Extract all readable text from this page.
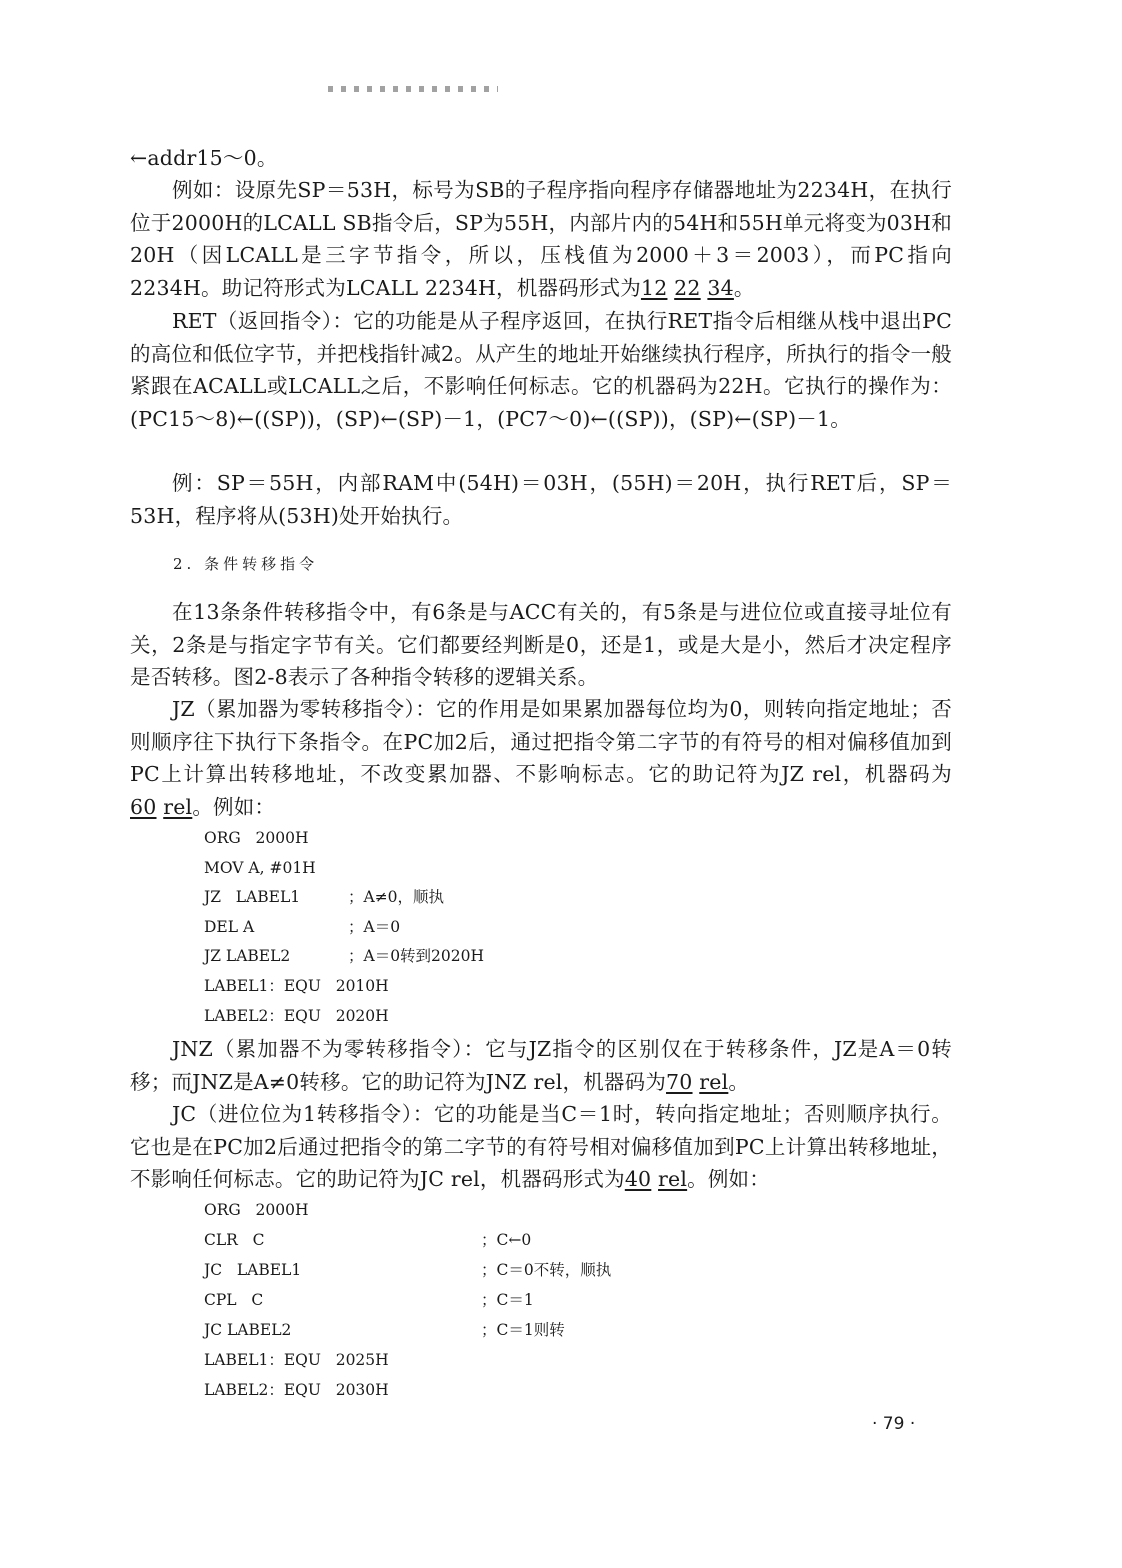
←addr15～0。
例如：设原先SP＝53H，标号为SB的子程序指向程序存储器地址为2234H，在执行位于2000H的LCALL SB指令后，SP为55H，内部片内的54H和55H单元将变为03H和20H（因LCALL是三字节指令，所以，压栈值为2000＋3＝2003），而PC指向2234H。助记符形式为LCALL 2234H，机器码形式为12 22 34。
RET（返回指令）：它的功能是从子程序返回，在执行RET指令后相继从栈中退出PC的高位和低位字节，并把栈指针减2。从产生的地址开始继续执行程序，所执行的指令一般紧跟在ACALL或LCALL之后，不影响任何标志。它的机器码为22H。它执行的操作为：(PC15～8)←((SP))，(SP)←(SP)－1，(PC7～0)←((SP))，(SP)←(SP)－1。
例：SP＝55H，内部RAM中(54H)＝03H，(55H)＝20H，执行RET后，SP＝53H，程序将从(53H)处开始执行。
2. 条件转移指令
在13条条件转移指令中，有6条是与ACC有关的，有5条是与进位位或直接寻址位有关，2条是与指定字节有关。它们都要经判断是0，还是1，或是大是小，然后才决定程序是否转移。图2-8表示了各种指令转移的逻辑关系。
JZ（累加器为零转移指令）：它的作用是如果累加器每位均为0，则转向指定地址；否则顺序往下执行下条指令。在PC加2后，通过把指令第二字节的有符号的相对偏移值加到PC上计算出转移地址，不改变累加器、不影响标志。它的助记符为JZ rel，机器码为60 rel。例如：
ORG   2000H
MOV A, #01H
JZ   LABEL1	；A≠0，顺执
DEL A	；A＝0
JZ LABEL2	；A＝0转到2020H
LABEL1：EQU   2010H
LABEL2：EQU   2020H
JNZ（累加器不为零转移指令）：它与JZ指令的区别仅在于转移条件，JZ是A＝0转移；而JNZ是A≠0转移。它的助记符为JNZ rel，机器码为70 rel。
JC（进位位为1转移指令）：它的功能是当C＝1时，转向指定地址；否则顺序执行。它也是在PC加2后通过把指令的第二字节的有符号相对偏移值加到PC上计算出转移地址，不影响任何标志。它的助记符为JC rel，机器码形式为40 rel。例如：
ORG   2000H
CLR   C	；C←0
JC   LABEL1	；C＝0不转，顺执
CPL   C	；C＝1
JC LABEL2	；C＝1则转
LABEL1：EQU   2025H
LABEL2：EQU   2030H
· 79 ·
